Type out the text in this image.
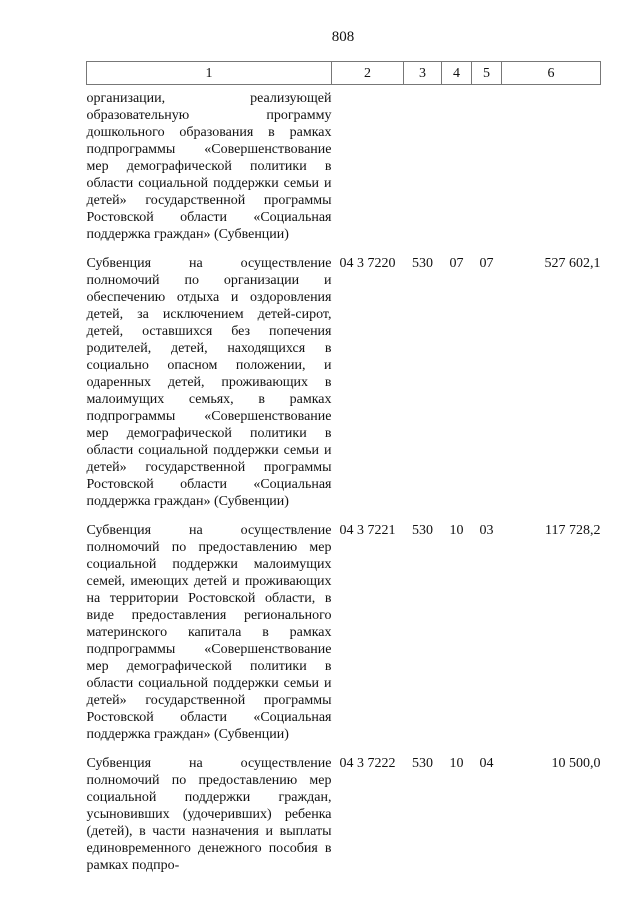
808
1	2	3	4	5	6
организации, реализующей образовательную программу дошкольного образования в рамках подпрограммы «Совершенствование мер демографической политики в области социальной поддержки семьи и детей» государственной программы Ростовской области «Социальная поддержка граждан» (Субвенции)					
Субвенция на осуществление полномочий по организации и обеспечению отдыха и оздоровления детей, за исключением детей-сирот, детей, оставшихся без попечения родителей, детей, находящихся в социально опасном положении, и одаренных детей, проживающих в малоимущих семьях, в рамках подпрограммы «Совершенствование мер демографической политики в области социальной поддержки семьи и детей» государственной программы Ростовской области «Социальная поддержка граждан» (Субвенции)	04 3 7220	530	07	07	527 602,1
Субвенция на осуществление полномочий по предоставлению мер социальной поддержки малоимущих семей, имеющих детей и проживающих на территории Ростовской области, в виде предоставления регионального материнского капитала в рамках подпрограммы «Совершенствование мер демографической политики в области социальной поддержки семьи и детей» государственной программы Ростовской области «Социальная поддержка граждан» (Субвенции)	04 3 7221	530	10	03	117 728,2
Субвенция на осуществление полномочий по предоставлению мер социальной поддержки граждан, усыновивших (удочеривших) ребенка (детей), в части назначения и выплаты единовременного денежного пособия в рамках подпро-	04 3 7222	530	10	04	10 500,0
